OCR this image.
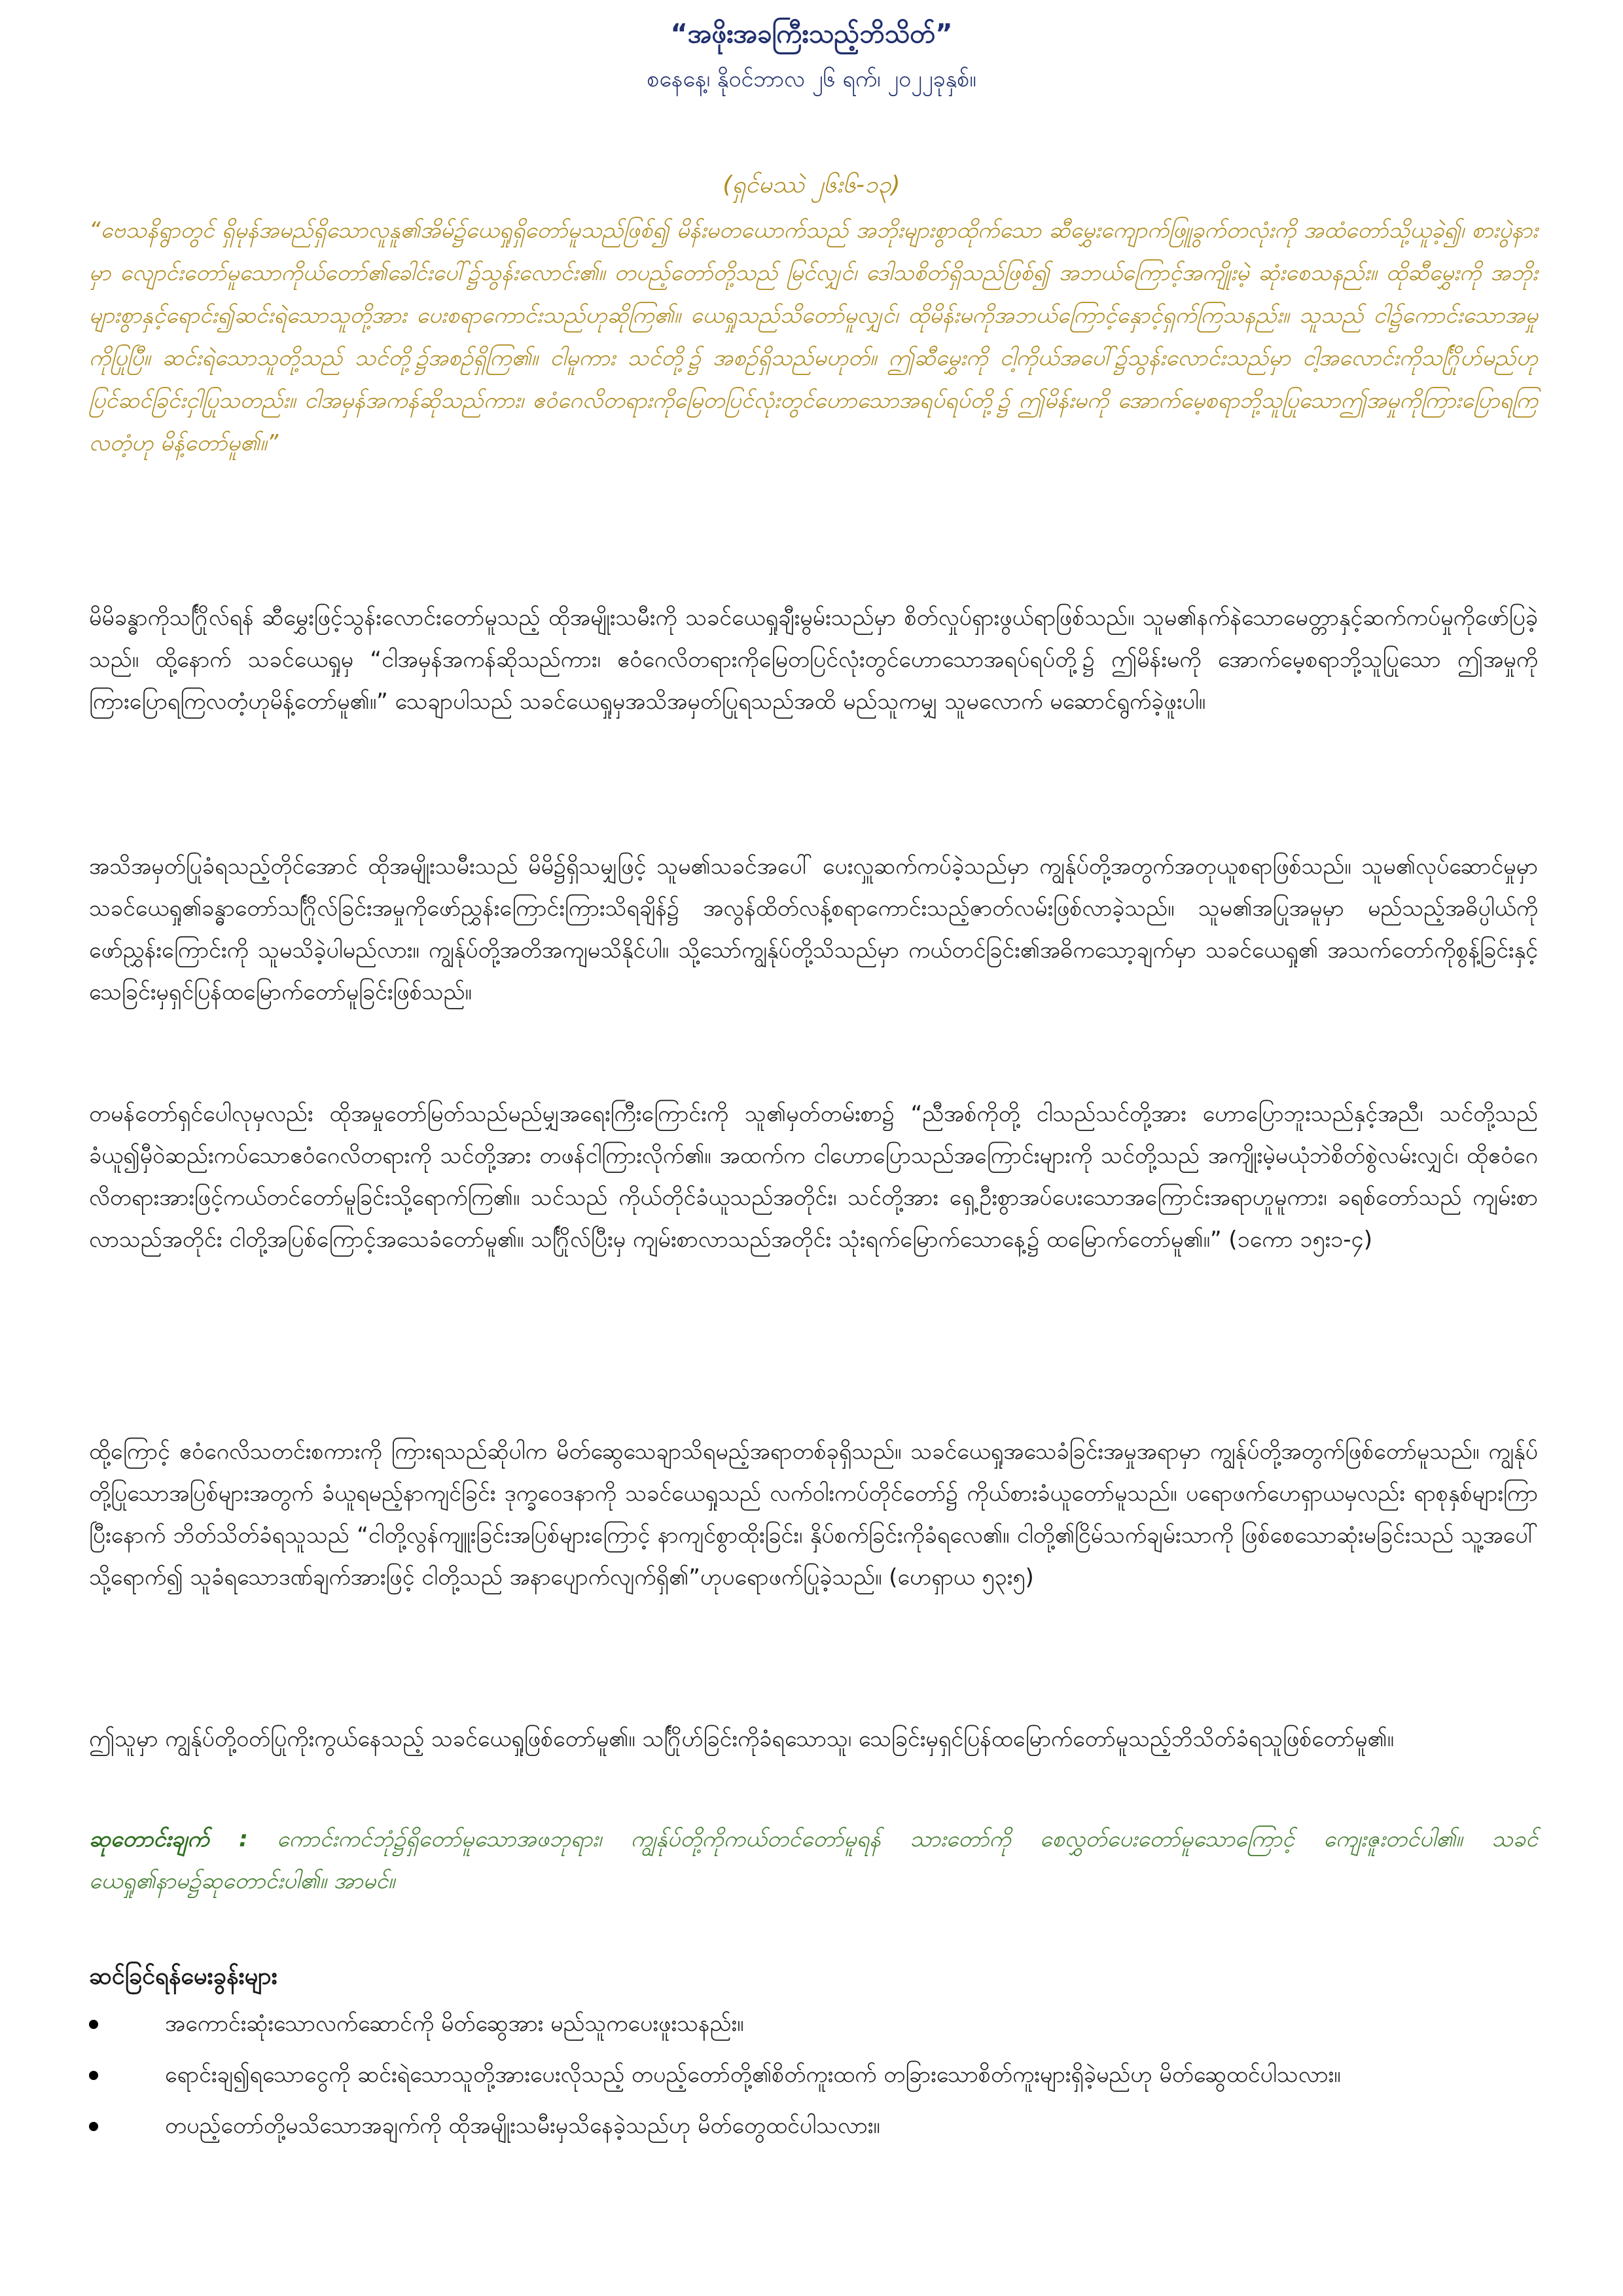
“အဖိုးအခကြီးသည့်ဘိသိတ်”
စနေနေ့၊ နိုဝင်ဘာလ ၂၆ ရက်၊ ၂၀၂၂ခုနှစ်။
(ရှင်မဿဲ ၂၆း၆-၁၃)
“ဗေသနိရွာတွင် ရှိမုန်အမည်ရှိသောလူနူ၏အိမ်၌ယေရှုရှိတော်မူသည်ဖြစ်၍ မိန်းမတယောက်သည် အဘိုးများစွာထိုက်သော ဆီမွှေးကျောက်ဖြူခွက်တလုံးကို အထံတော်သို့ယူခဲ့၍၊ စားပွဲနားမှာ လျောင်းတော်မူသောကိုယ်တော်၏ခေါင်းပေါ်၌သွန်းလောင်း၏။ တပည့်တော်တို့သည် မြင်လျှင်၊ ဒေါသစိတ်ရှိသည်ဖြစ်၍ အဘယ်ကြောင့်အကျိုးမဲ့ ဆုံးစေသနည်း။ ထိုဆီမွှေးကို အဘိုးများစွာနှင့်ရောင်း၍ဆင်းရဲသောသူတို့အား ပေးစရာကောင်းသည်ဟုဆိုကြ၏။ ယေရှုသည်သိတော်မူလျှင်၊ ထိုမိန်းမကိုအဘယ်ကြောင့်နှောင့်ရှက်ကြသနည်း။ သူသည် ငါ၌ကောင်းသောအမှုကိုပြုပြီ။ ဆင်းရဲသောသူတို့သည် သင်တို့၌အစဉ်ရှိကြ၏။ ငါမူကား သင်တို့၌ အစဉ်ရှိသည်မဟုတ်။ ဤဆီမွှေးကို ငါ့ကိုယ်အပေါ်၌သွန်းလောင်းသည်မှာ ငါ့အလောင်းကိုသင်္ဂြိုဟ်မည်ဟုပြင်ဆင်ခြင်းငှါပြုသတည်း။ ငါအမှန်အကန်ဆိုသည်ကား၊ ဧဝံဂေလိတရားကိုမြေတပြင်လုံးတွင်ဟောသောအရပ်ရပ်တို့၌ ဤမိန်းမကို အောက်မေ့စရာဘို့သူပြုသောဤအမှုကိုကြားပြောရကြလတံ့ဟု မိန့်တော်မူ၏။”
မိမိခန္ဓာကိုသင်္ဂြိုလ်ရန် ဆီမွှေးဖြင့်သွန်းလောင်းတော်မူသည့် ထိုအမျိုးသမီးကို သခင်ယေရှုချီးမွမ်းသည်မှာ စိတ်လှုပ်ရှားဖွယ်ရာဖြစ်သည်။ သူမ၏နက်နဲသောမေတ္တာနှင့်ဆက်ကပ်မှုကိုဖော်ပြခဲ့သည်။ ထို့နောက် သခင်ယေရှုမှ “ငါအမှန်အကန်ဆိုသည်ကား၊ ဧဝံဂေလိတရားကိုမြေတပြင်လုံးတွင်ဟောသောအရပ်ရပ်တို့၌ ဤမိန်းမကို အောက်မေ့စရာဘို့သူပြုသော ဤအမှုကိုကြားပြောရကြလတံ့ဟုမိန့်တော်မူ၏။” သေချာပါသည် သခင်ယေရှုမှအသိအမှတ်ပြုရသည်အထိ မည်သူကမျှ သူမလောက် မဆောင်ရွက်ခဲ့ဖူးပါ။
အသိအမှတ်ပြုခံရသည့်တိုင်အောင် ထိုအမျိုးသမီးသည် မိမိ၌ရှိသမျှဖြင့် သူမ၏သခင်အပေါ် ပေးလှူဆက်ကပ်ခဲ့သည်မှာ ကျွန်ုပ်တို့အတွက်အတုယူစရာဖြစ်သည်။ သူမ၏လုပ်ဆောင်မှုမှာ သခင်ယေရှု၏ခန္ဓာတော်သင်္ဂြိုလ်ခြင်းအမှုကိုဖော်ညွှန်းကြောင်းကြားသိရချိန်၌ အလွန်ထိတ်လန့်စရာကောင်းသည့်ဇာတ်လမ်းဖြစ်လာခဲ့သည်။ သူမ၏အပြုအမူမှာ မည်သည့်အဓိပ္ပါယ်ကိုဖော်ညွှန်းကြောင်းကို သူမသိခဲ့ပါမည်လား။ ကျွန်ုပ်တို့အတိအကျမသိနိုင်ပါ။ သို့သော်ကျွန်ုပ်တို့သိသည်မှာ ကယ်တင်ခြင်း၏အဓိကသော့ချက်မှာ သခင်ယေရှု၏ အသက်တော်ကိုစွန့်ခြင်းနှင့်သေခြင်းမှရှင်ပြန်ထမြောက်တော်မူခြင်းဖြစ်သည်။
တမန်တော်ရှင်ပေါလုမှလည်း ထိုအမှုတော်မြတ်သည်မည်မျှအရေးကြီးကြောင်းကို သူ၏မှတ်တမ်းစာ၌ “ညီအစ်ကိုတို့ ငါသည်သင်တို့အား ဟောပြောဘူးသည်နှင့်အညီ၊ သင်တို့သည် ခံယူ၍မှီဝဲဆည်းကပ်သောဧဝံဂေလိတရားကို သင်တို့အား တဖန်ငါကြားလိုက်၏။ အထက်က ငါဟောပြောသည်အကြောင်းများကို သင်တို့သည် အကျိုးမဲ့မယုံဘဲစိတ်စွဲလမ်းလျှင်၊ ထိုဧဝံဂေလိတရားအားဖြင့်ကယ်တင်တော်မူခြင်းသို့ရောက်ကြ၏။ သင်သည် ကိုယ်တိုင်ခံယူသည်အတိုင်း၊ သင်တို့အား ရှေ့ဦးစွာအပ်ပေးသောအကြောင်းအရာဟူမူကား၊ ခရစ်တော်သည် ကျမ်းစာလာသည်အတိုင်း ငါတို့အပြစ်ကြောင့်အသေခံတော်မူ၏။ သင်္ဂြိုလ်ပြီးမှ ကျမ်းစာလာသည်အတိုင်း သုံးရက်မြောက်သောနေ့၌ ထမြောက်တော်မူ၏။” (၁ကော ၁၅း၁-၄)
ထို့ကြောင့် ဧဝံဂေလိသတင်းစကားကို ကြားရသည်ဆိုပါက မိတ်ဆွေသေချာသိရမည့်အရာတစ်ခုရှိသည်။ သခင်ယေရှုအသေခံခြင်းအမှုအရာမှာ ကျွန်ုပ်တို့အတွက်ဖြစ်တော်မူသည်။ ကျွန်ုပ်တို့ပြုသောအပြစ်များအတွက် ခံယူရမည့်နာကျင်ခြင်း ဒုက္ခဝေဒနာကို သခင်ယေရှုသည် လက်ဝါးကပ်တိုင်တော်၌ ကိုယ်စားခံယူတော်မူသည်။ ပရောဖက်ဟေရှာယမှလည်း ရာစုနှစ်များကြာပြီးနောက် ဘိတ်သိတ်ခံရသူသည် “ငါတို့လွန်ကျူးခြင်းအပြစ်များကြောင့် နာကျင်စွာထိုးခြင်း၊ နှိပ်စက်ခြင်းကိုခံရလေ၏။ ငါတို့၏ငြိမ်သက်ချမ်းသာကို ဖြစ်စေသောဆုံးမခြင်းသည် သူ့အပေါ်သို့ရောက်၍ သူခံရသောဒဏ်ချက်အားဖြင့် ငါတို့သည် အနာပျောက်လျက်ရှိ၏”ဟုပရောဖက်ပြုခဲ့သည်။ (ဟေရှာယ ၅၃း၅)
ဤသူမှာ ကျွန်ုပ်တို့ဝတ်ပြုကိုးကွယ်နေသည့် သခင်ယေရှုဖြစ်တော်မူ၏။ သင်္ဂြိုဟ်ခြင်းကိုခံရသောသူ၊ သေခြင်းမှရှင်ပြန်ထမြောက်တော်မူသည့်ဘိသိတ်ခံရသူဖြစ်တော်မူ၏။
ဆုတောင်းချက် : ကောင်းကင်ဘုံ၌ရှိတော်မူသောအဖဘုရား၊ ကျွန်ုပ်တို့ကိုကယ်တင်တော်မူရန် သားတော်ကို စေလွှတ်ပေးတော်မူသောကြောင့် ကျေးဇူးတင်ပါ၏။ သခင်ယေရှု၏နာမ၌ဆုတောင်းပါ၏။ အာမင်။
ဆင်ခြင်ရန်မေးခွန်းများ
အကောင်းဆုံးသောလက်ဆောင်ကို မိတ်ဆွေအား မည်သူကပေးဖူးသနည်း။
ရောင်းချ၍ရသောငွေကို ဆင်းရဲသောသူတို့အားပေးလိုသည့် တပည့်တော်တို့၏စိတ်ကူးထက် တခြားသောစိတ်ကူးများရှိခဲ့မည်ဟု မိတ်ဆွေထင်ပါသလား။
တပည့်တော်တို့မသိသောအချက်ကို ထိုအမျိုးသမီးမှသိနေခဲ့သည်ဟု မိတ်တွေထင်ပါသလား။
